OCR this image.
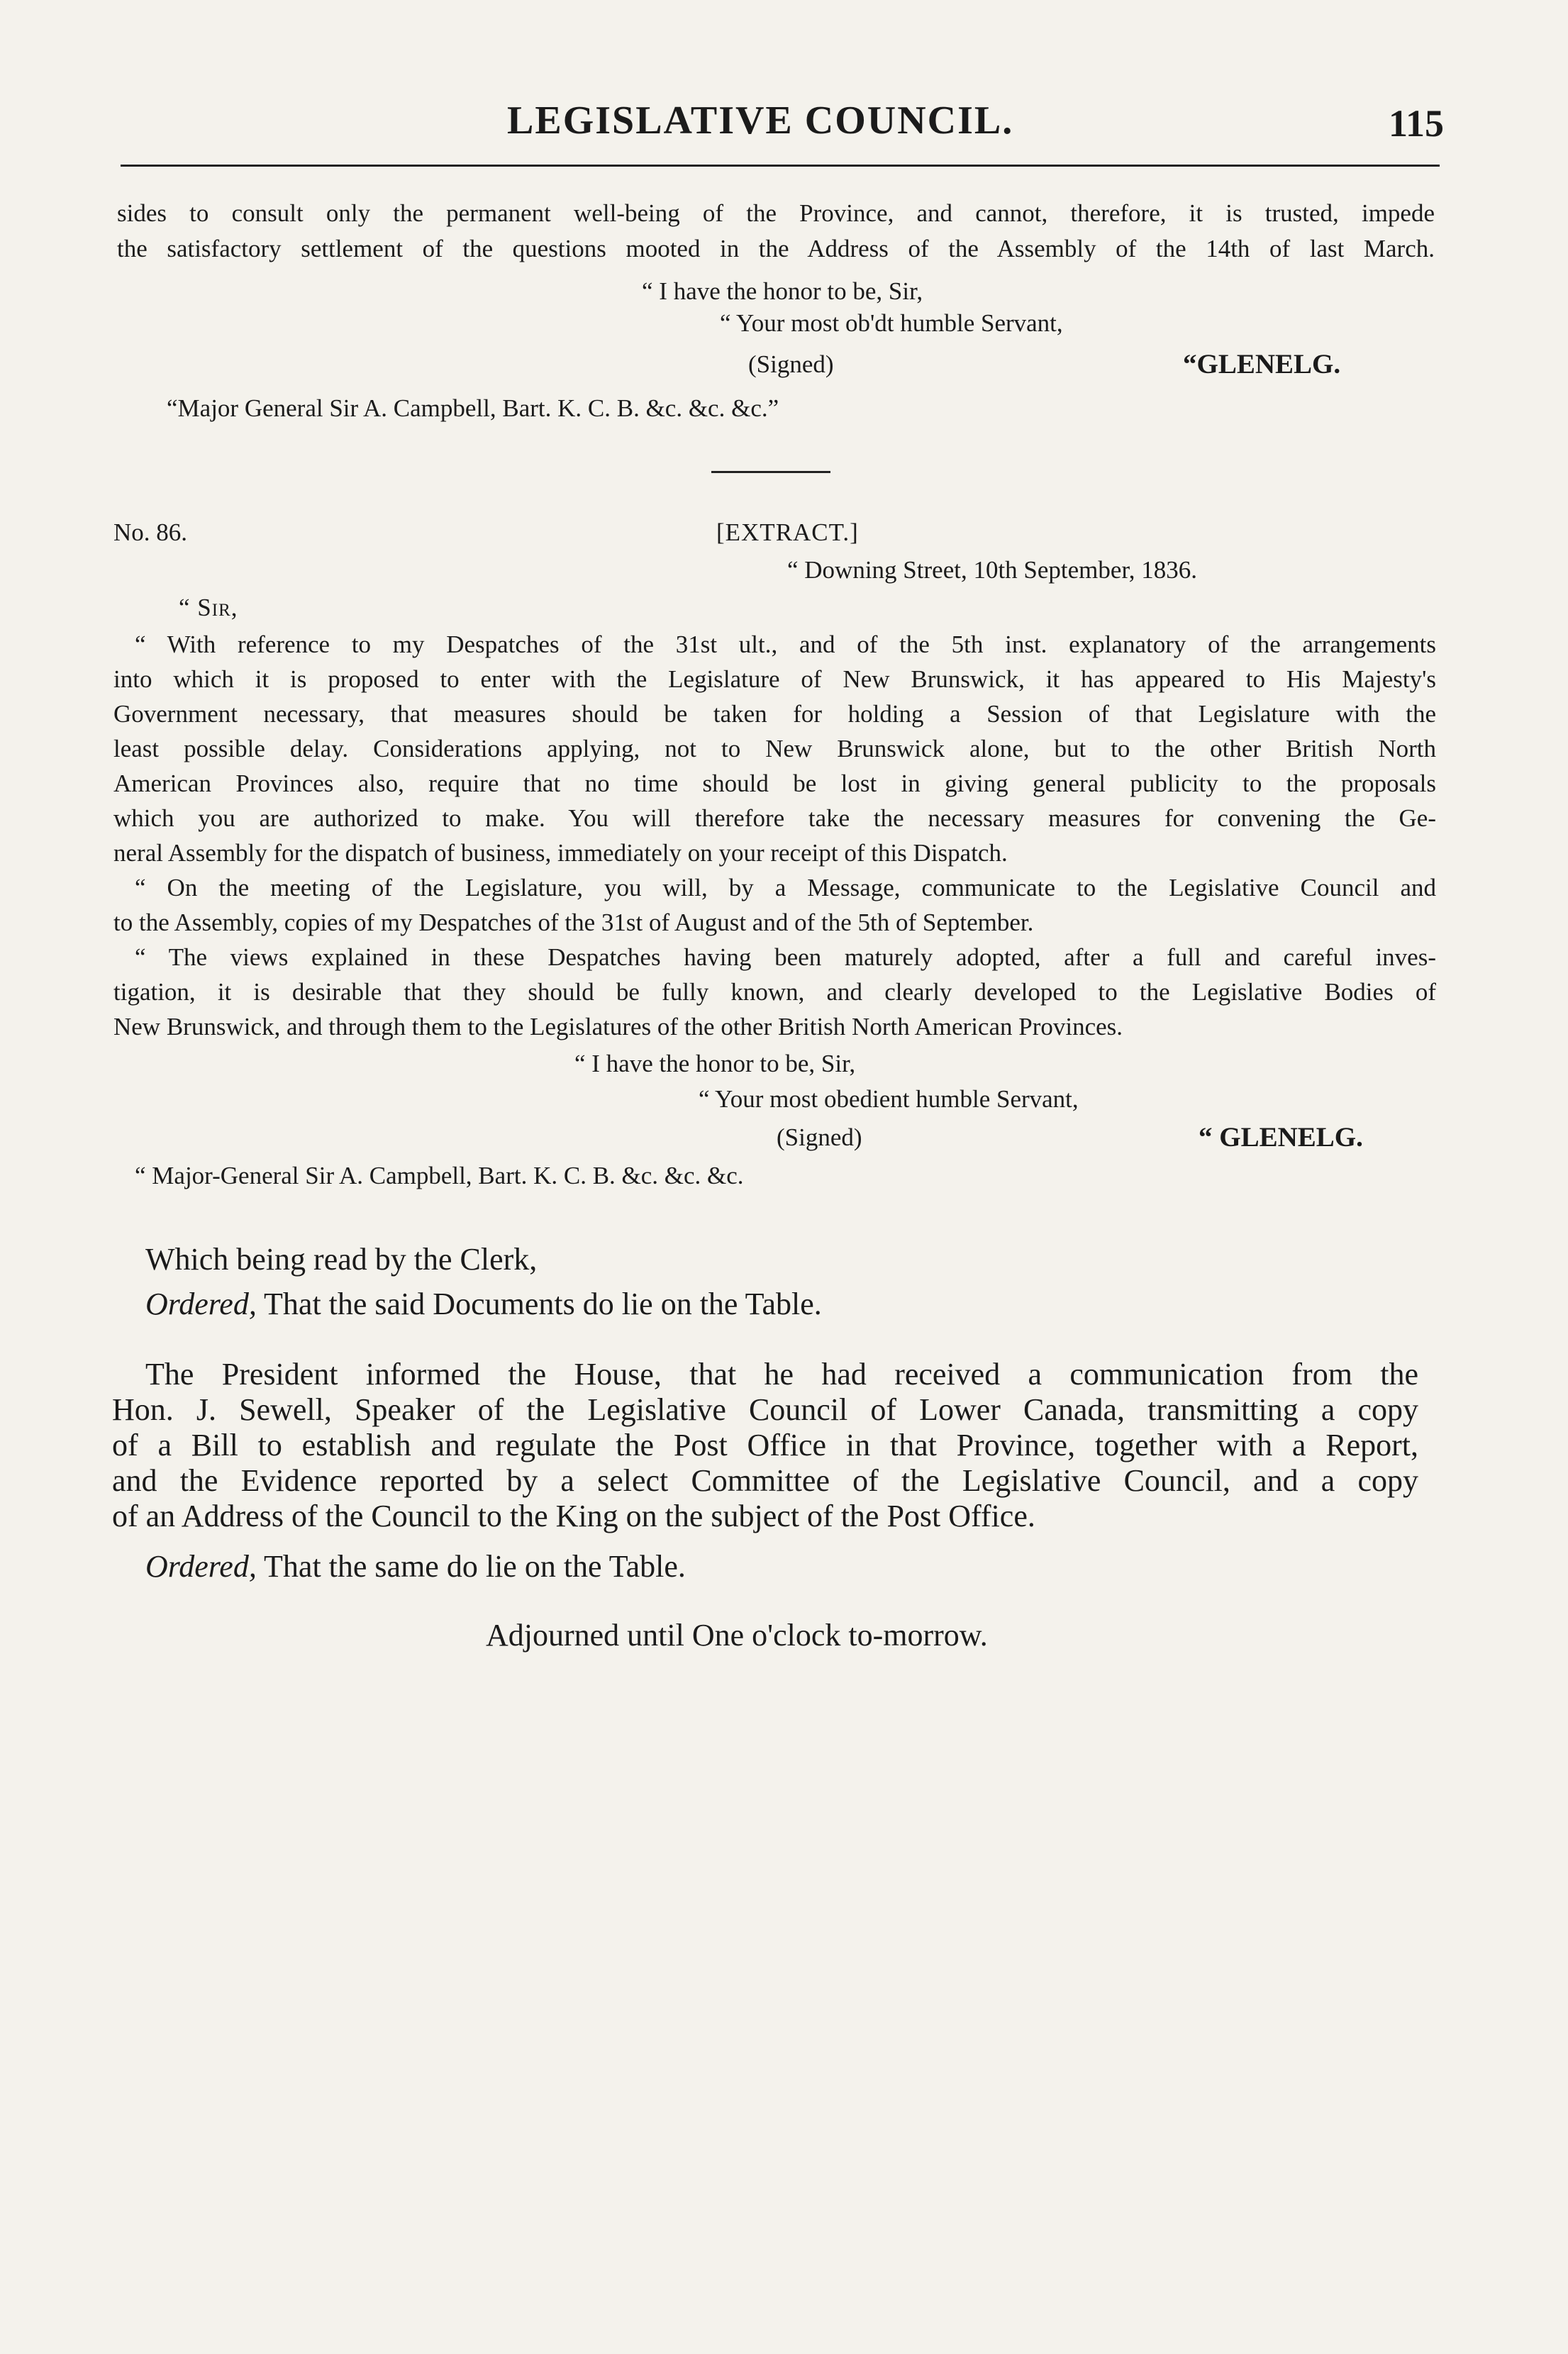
LEGISLATIVE COUNCIL.	115
sides to consult only the permanent well-being of the Province, and cannot, therefore, it is trusted, impede
the satisfactory settlement of the questions mooted in the Address of the Assembly of the 14th of last March.
“ I have the honor to be, Sir,
“ Your most ob'dt humble Servant,
(Signed)	“GLENELG.
“Major General Sir A. Campbell, Bart. K. C. B. &c. &c. &c.”
No. 86.	[EXTRACT.]
“ Downing Street, 10th September, 1836.
“ Sir,
“ With reference to my Despatches of the 31st ult., and of the 5th inst. explanatory of the arrangements
into which it is proposed to enter with the Legislature of New Brunswick, it has appeared to His Majesty's
Government necessary, that measures should be taken for holding a Session of that Legislature with the
least possible delay. Considerations applying, not to New Brunswick alone, but to the other British North
American Provinces also, require that no time should be lost in giving general publicity to the proposals
which you are authorized to make. You will therefore take the necessary measures for convening the Ge-
neral Assembly for the dispatch of business, immediately on your receipt of this Dispatch.
“ On the meeting of the Legislature, you will, by a Message, communicate to the Legislative Council and
to the Assembly, copies of my Despatches of the 31st of August and of the 5th of September.
“ The views explained in these Despatches having been maturely adopted, after a full and careful inves-
tigation, it is desirable that they should be fully known, and clearly developed to the Legislative Bodies of
New Brunswick, and through them to the Legislatures of the other British North American Provinces.
“ I have the honor to be, Sir,
“ Your most obedient humble Servant,
(Signed)	“ GLENELG.
“ Major-General Sir A. Campbell, Bart. K. C. B. &c. &c. &c.
Which being read by the Clerk,
Ordered, That the said Documents do lie on the Table.
The President informed the House, that he had received a communication from the
Hon. J. Sewell, Speaker of the Legislative Council of Lower Canada, transmitting a copy
of a Bill to establish and regulate the Post Office in that Province, together with a Report,
and the Evidence reported by a select Committee of the Legislative Council, and a copy
of an Address of the Council to the King on the subject of the Post Office.
Ordered, That the same do lie on the Table.
Adjourned until One o'clock to-morrow.
